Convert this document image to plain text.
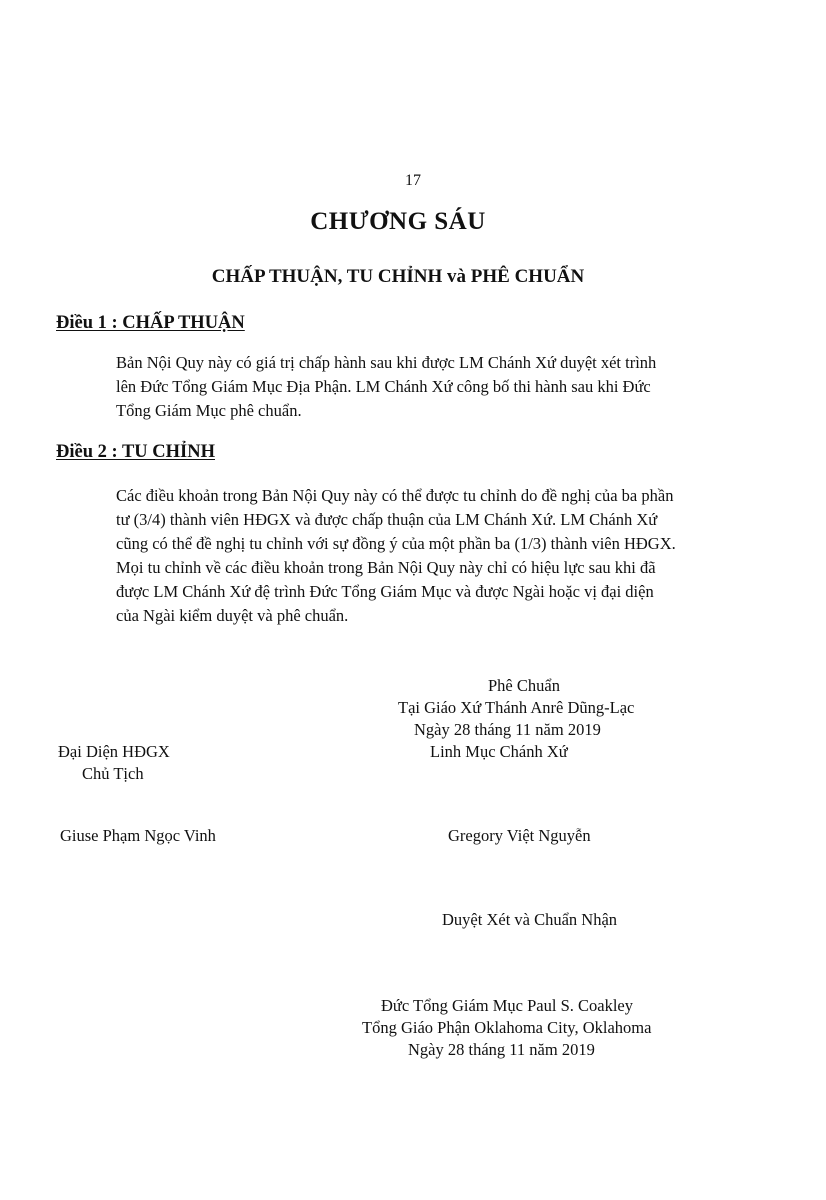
17
CHƯƠNG SÁU
CHẤP THUẬN, TU CHỈNH và PHÊ CHUẨN
Điều 1 : CHẤP THUẬN
Bản Nội Quy này có giá trị chấp hành sau khi được LM Chánh Xứ duyệt xét trình
lên Đức Tổng Giám Mục Địa Phận. LM Chánh Xứ công bố thi hành sau khi Đức
Tổng Giám Mục phê chuẩn.
Điều 2 : TU CHỈNH
Các điều khoản trong Bản Nội Quy này có thể được tu chỉnh do đề nghị của ba phần
tư (3/4) thành viên HĐGX và được chấp thuận của LM Chánh Xứ. LM Chánh Xứ
cũng có thể đề nghị tu chỉnh với sự đồng ý của một phần ba (1/3) thành viên HĐGX.
Mọi tu chỉnh về các điều khoản trong Bản Nội Quy này chỉ có hiệu lực sau khi đã
được LM Chánh Xứ đệ trình Đức Tổng Giám Mục và được Ngài hoặc vị đại diện
của Ngài kiểm duyệt và phê chuẩn.
Phê Chuẩn
Tại Giáo Xứ Thánh Anrê Dũng-Lạc
Ngày 28 tháng 11 năm 2019
Linh Mục Chánh Xứ
Đại Diện HĐGX
Chủ Tịch
Giuse Phạm Ngọc Vinh	Gregory Việt Nguyễn
Duyệt Xét và Chuẩn Nhận
Đức Tổng Giám Mục Paul S. Coakley
Tổng Giáo Phận Oklahoma City, Oklahoma
Ngày 28 tháng 11 năm 2019
